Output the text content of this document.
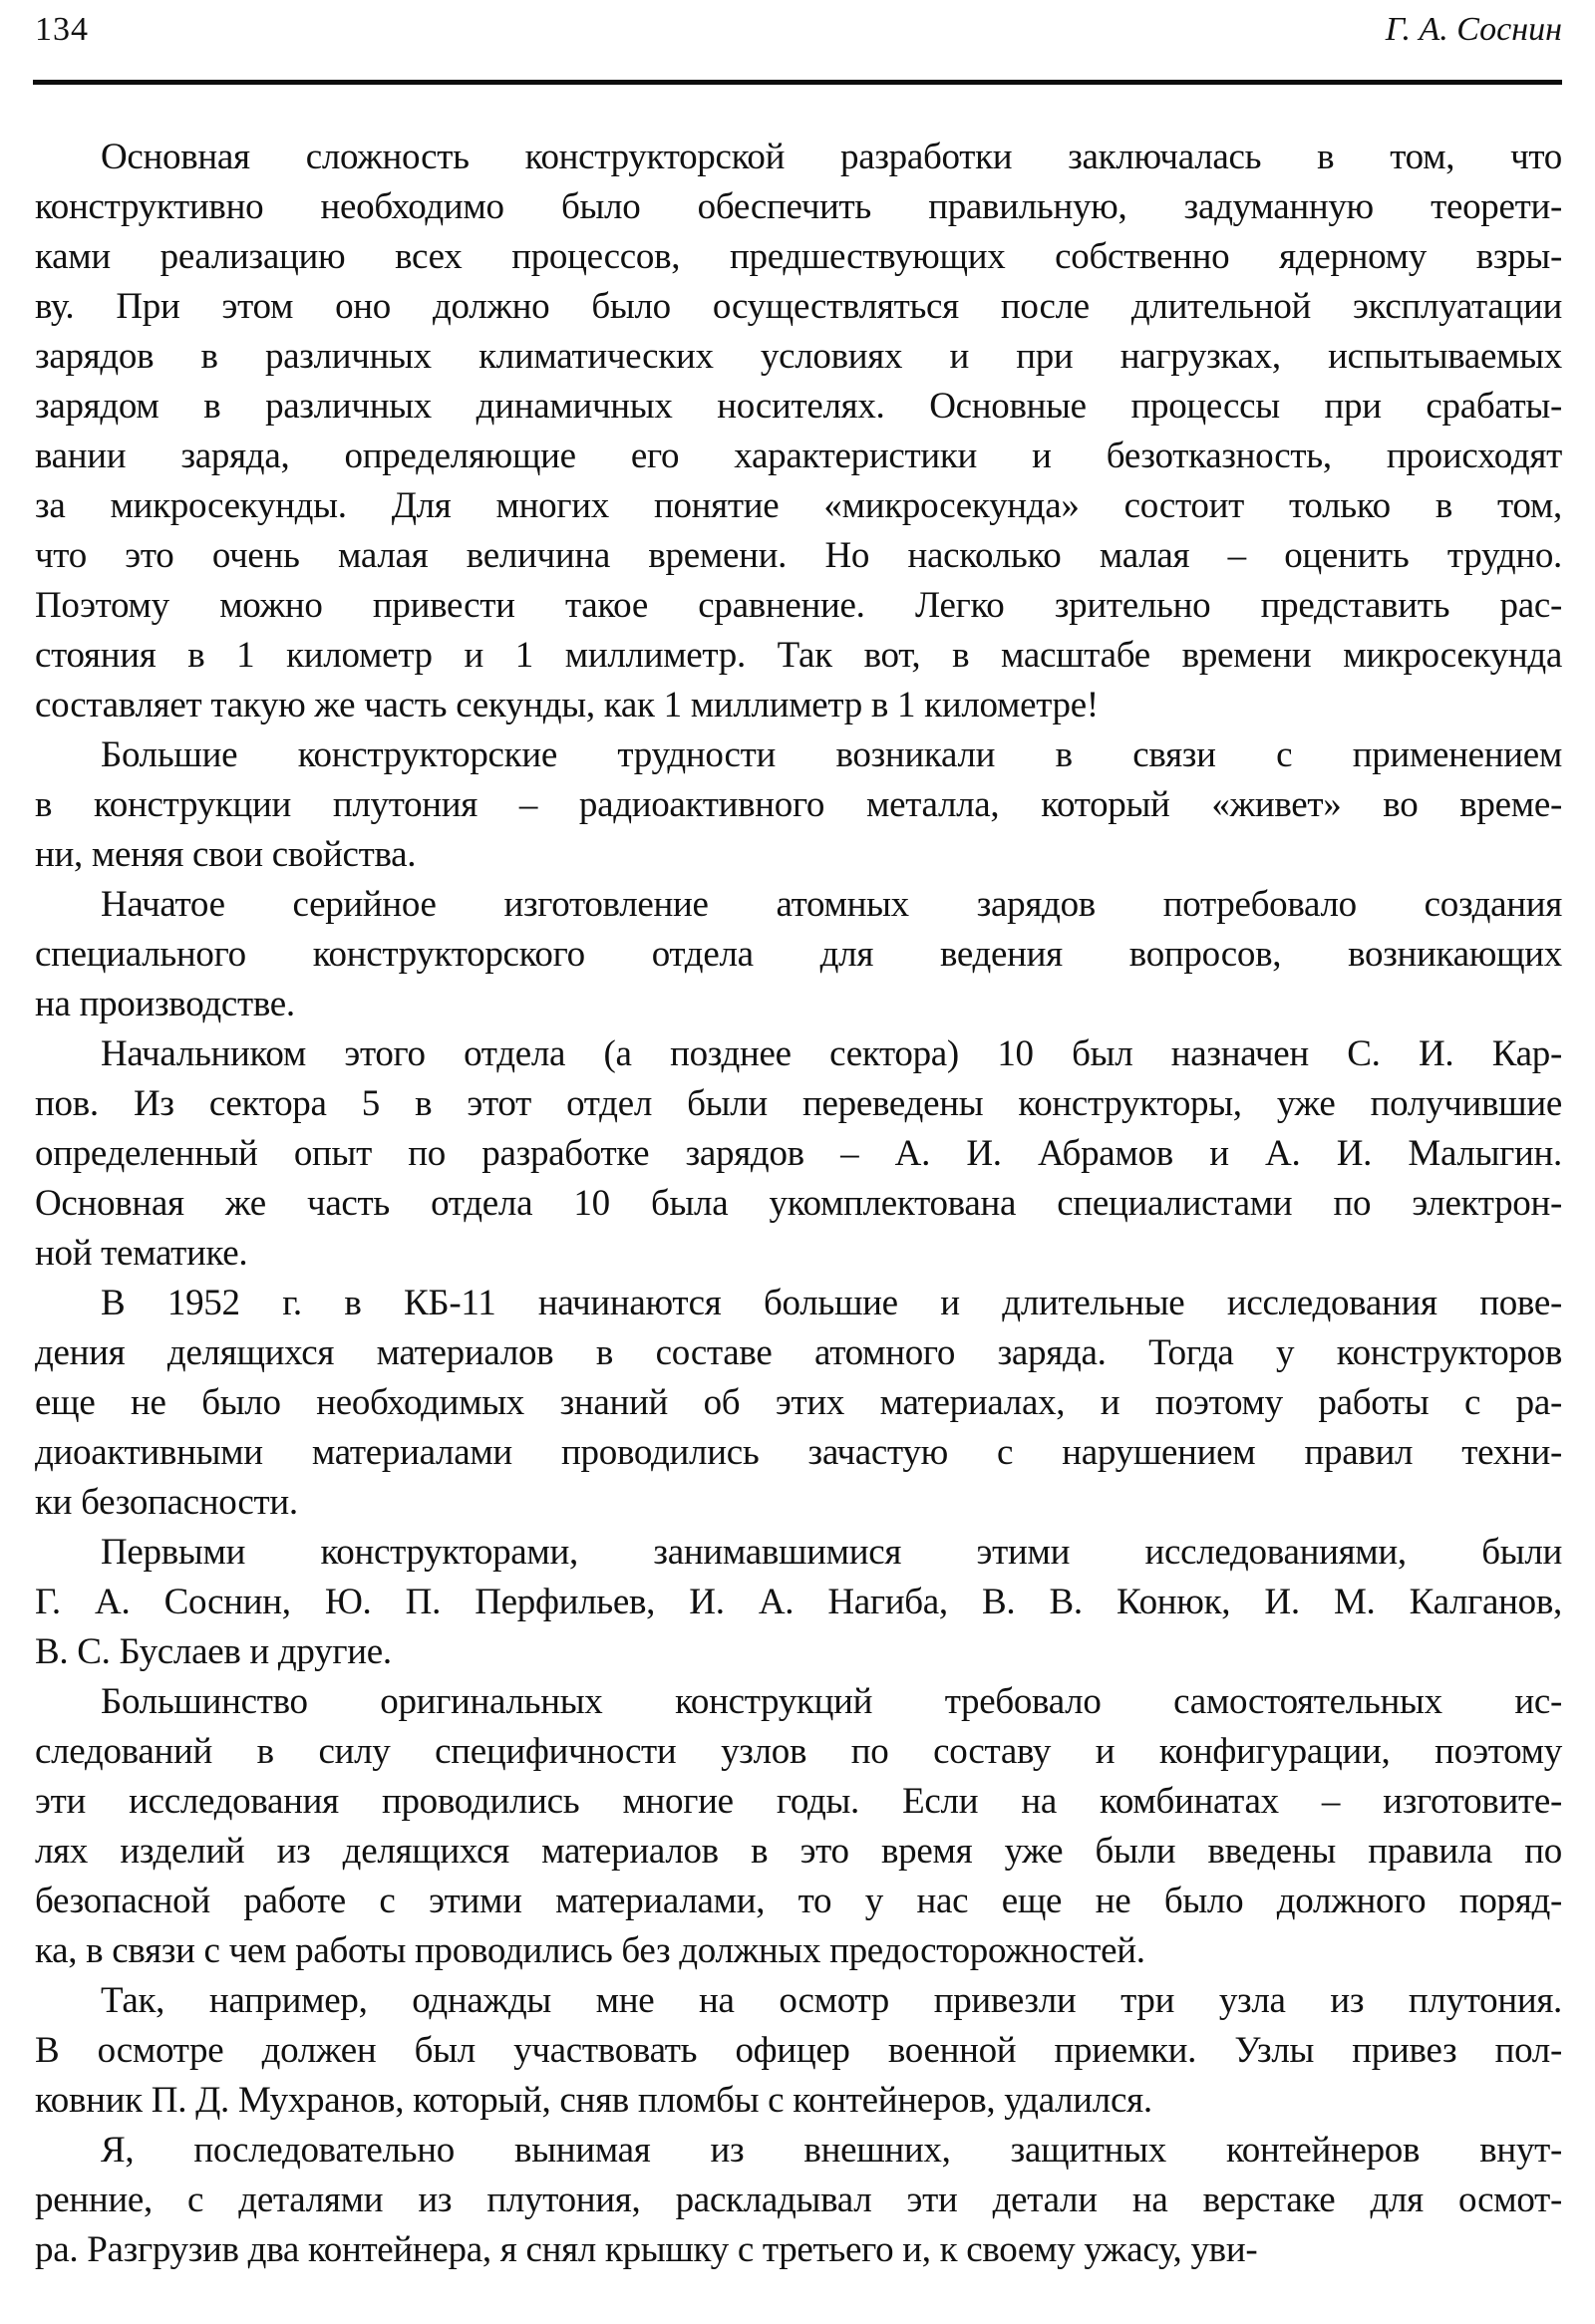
134	Г. А. Соснин
Основная сложность конструкторской разработки заключалась в том, что
конструктивно необходимо было обеспечить правильную, задуманную теорети-
ками реализацию всех процессов, предшествующих собственно ядерному взры-
ву. При этом оно должно было осуществляться после длительной эксплуатации
зарядов в различных климатических условиях и при нагрузках, испытываемых
зарядом в различных динамичных носителях. Основные процессы при срабаты-
вании заряда, определяющие его характеристики и безотказность, происходят
за микросекунды. Для многих понятие «микросекунда» состоит только в том,
что это очень малая величина времени. Но насколько малая – оценить трудно.
Поэтому можно привести такое сравнение. Легко зрительно представить рас-
стояния в 1 километр и 1 миллиметр. Так вот, в масштабе времени микросекунда
составляет такую же часть секунды, как 1 миллиметр в 1 километре!
Большие конструкторские трудности возникали в связи с применением
в конструкции плутония – радиоактивного металла, который «живет» во време-
ни, меняя свои свойства.
Начатое серийное изготовление атомных зарядов потребовало создания
специального конструкторского отдела для ведения вопросов, возникающих
на производстве.
Начальником этого отдела (а позднее сектора) 10 был назначен С. И. Кар-
пов. Из сектора 5 в этот отдел были переведены конструкторы, уже получившие
определенный опыт по разработке зарядов – А. И. Абрамов и А. И. Малыгин.
Основная же часть отдела 10 была укомплектована специалистами по электрон-
ной тематике.
В 1952 г. в КБ-11 начинаются большие и длительные исследования пове-
дения делящихся материалов в составе атомного заряда. Тогда у конструкторов
еще не было необходимых знаний об этих материалах, и поэтому работы с ра-
диоактивными материалами проводились зачастую с нарушением правил техни-
ки безопасности.
Первыми конструкторами, занимавшимися этими исследованиями, были
Г. А. Соснин, Ю. П. Перфильев, И. А. Нагиба, В. В. Конюк, И. М. Калганов,
В. С. Буслаев и другие.
Большинство оригинальных конструкций требовало самостоятельных ис-
следований в силу специфичности узлов по составу и конфигурации, поэтому
эти исследования проводились многие годы. Если на комбинатах – изготовите-
лях изделий из делящихся материалов в это время уже были введены правила по
безопасной работе с этими материалами, то у нас еще не было должного поряд-
ка, в связи с чем работы проводились без должных предосторожностей.
Так, например, однажды мне на осмотр привезли три узла из плутония.
В осмотре должен был участвовать офицер военной приемки. Узлы привез пол-
ковник П. Д. Мухранов, который, сняв пломбы с контейнеров, удалился.
Я, последовательно вынимая из внешних, защитных контейнеров внут-
ренние, с деталями из плутония, раскладывал эти детали на верстаке для осмот-
ра. Разгрузив два контейнера, я снял крышку с третьего и, к своему ужасу, уви-
